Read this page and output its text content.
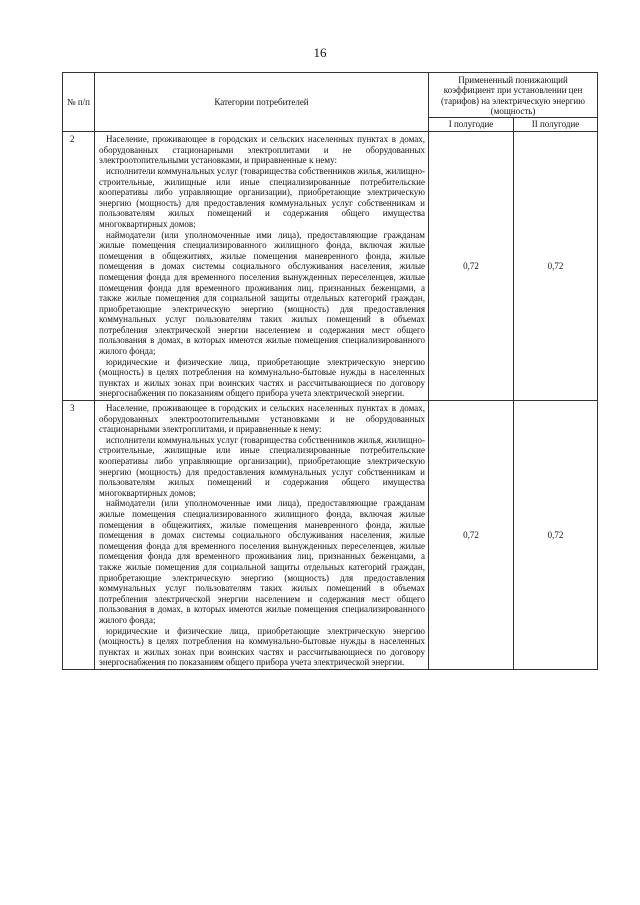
16
№ п/п	Категории потребителей	Примененный понижающий коэффициент при установлении цен (тарифов) на электрическую энергию (мощность)	
		I полугодие	II полугодие
2	Население, проживающее в городских и сельских населенных пунктах в домах, оборудованных стационарными электроплитами и не оборудованных электроотопительными установками, и приравненные к нему:

исполнители коммунальных услуг (товарищества собственников жилья, жилищно-строительные, жилищные или иные специализированные потребительские кооперативы либо управляющие организации), приобретающие электрическую энергию (мощность) для предоставления коммунальных услуг собственникам и пользователям жилых помещений и содержания общего имущества многоквартирных домов;

наймодатели (или уполномоченные ими лица), предоставляющие гражданам жилые помещения специализированного жилищного фонда, включая жилые помещения в общежитиях, жилые помещения маневренного фонда, жилые помещения в домах системы социального обслуживания населения, жилые помещения фонда для временного поселения вынужденных переселенцев, жилые помещения фонда для временного проживания лиц, признанных беженцами, а также жилые помещения для социальной защиты отдельных категорий граждан, приобретающие электрическую энергию (мощность) для предоставления коммунальных услуг пользователям таких жилых помещений в объемах потребления электрической энергии населением и содержания мест общего пользования в домах, в которых имеются жилые помещения специализированного жилого фонда;

юридические и физические лица, приобретающие электрическую энергию (мощность) в целях потребления на коммунально-бытовые нужды в населенных пунктах и жилых зонах при воинских частях и рассчитывающиеся по договору энергоснабжения по показаниям общего прибора учета электрической энергии.	0,72	0,72
3	Население, проживающее в городских и сельских населенных пунктах в домах, оборудованных электроотопительными установками и не оборудованных стационарными электроплитами, и приравненные к нему:

исполнители коммунальных услуг (товарищества собственников жилья, жилищно-строительные, жилищные или иные специализированные потребительские кооперативы либо управляющие организации), приобретающие электрическую энергию (мощность) для предоставления коммунальных услуг собственникам и пользователям жилых помещений и содержания общего имущества многоквартирных домов;

наймодатели (или уполномоченные ими лица), предоставляющие гражданам жилые помещения специализированного жилищного фонда, включая жилые помещения в общежитиях, жилые помещения маневренного фонда, жилые помещения в домах системы социального обслуживания населения, жилые помещения фонда для временного поселения вынужденных переселенцев, жилые помещения фонда для временного проживания лиц, признанных беженцами, а также жилые помещения для социальной защиты отдельных категорий граждан, приобретающие электрическую энергию (мощность) для предоставления коммунальных услуг пользователям таких жилых помещений в объемах потребления электрической энергии населением и содержания мест общего пользования в домах, в которых имеются жилые помещения специализированного жилого фонда;

юридические и физические лица, приобретающие электрическую энергию (мощность) в целях потребления на коммунально-бытовые нужды в населенных пунктах и жилых зонах при воинских частях и рассчитывающиеся по договору энергоснабжения по показаниям общего прибора учета электрической энергии.	0,72	0,72
